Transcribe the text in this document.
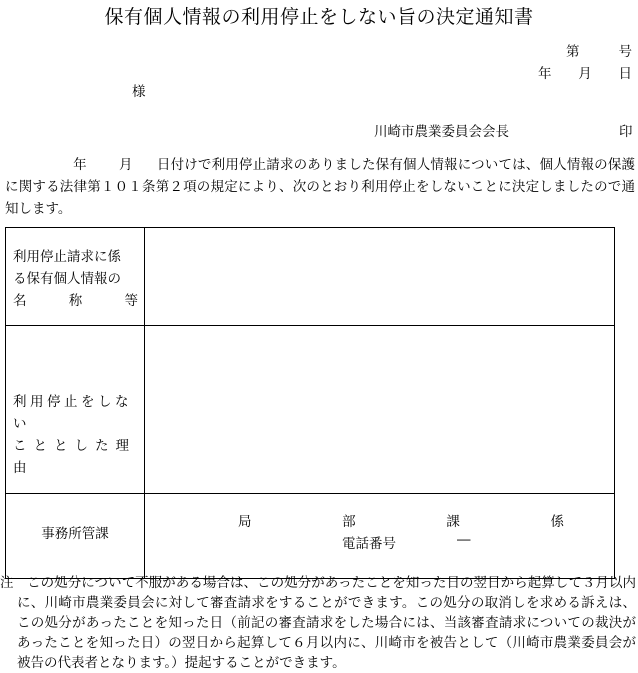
保有個人情報の利用停止をしない旨の決定通知書
第	号
年 月 日
様
川崎市農業委員会会長	印
年 月 日付けで利用停止請求のありました保有個人情報については、個人情報の保護に関する法律第１０１条第２項の規定により、次のとおり利用停止をしないことに決定しましたので通知します。
利用停止請求に係
る保有個人情報の
名	称	等
利用停止をしない
こととした理由
事務所管課
局	部	課	係
電話番号	―
注　 この処分について不服がある場合は、この処分があったことを知った日の翌日から起算して３月以内に、川崎市農業委員会に対して審査請求をすることができます。この処分の取消しを求める訴えは、この処分があったことを知った日（前記の審査請求をした場合には、当該審査請求についての裁決があったことを知った日）の翌日から起算して６月以内に、川崎市を被告として（川崎市農業委員会が被告の代表者となります。）提起することができます。
